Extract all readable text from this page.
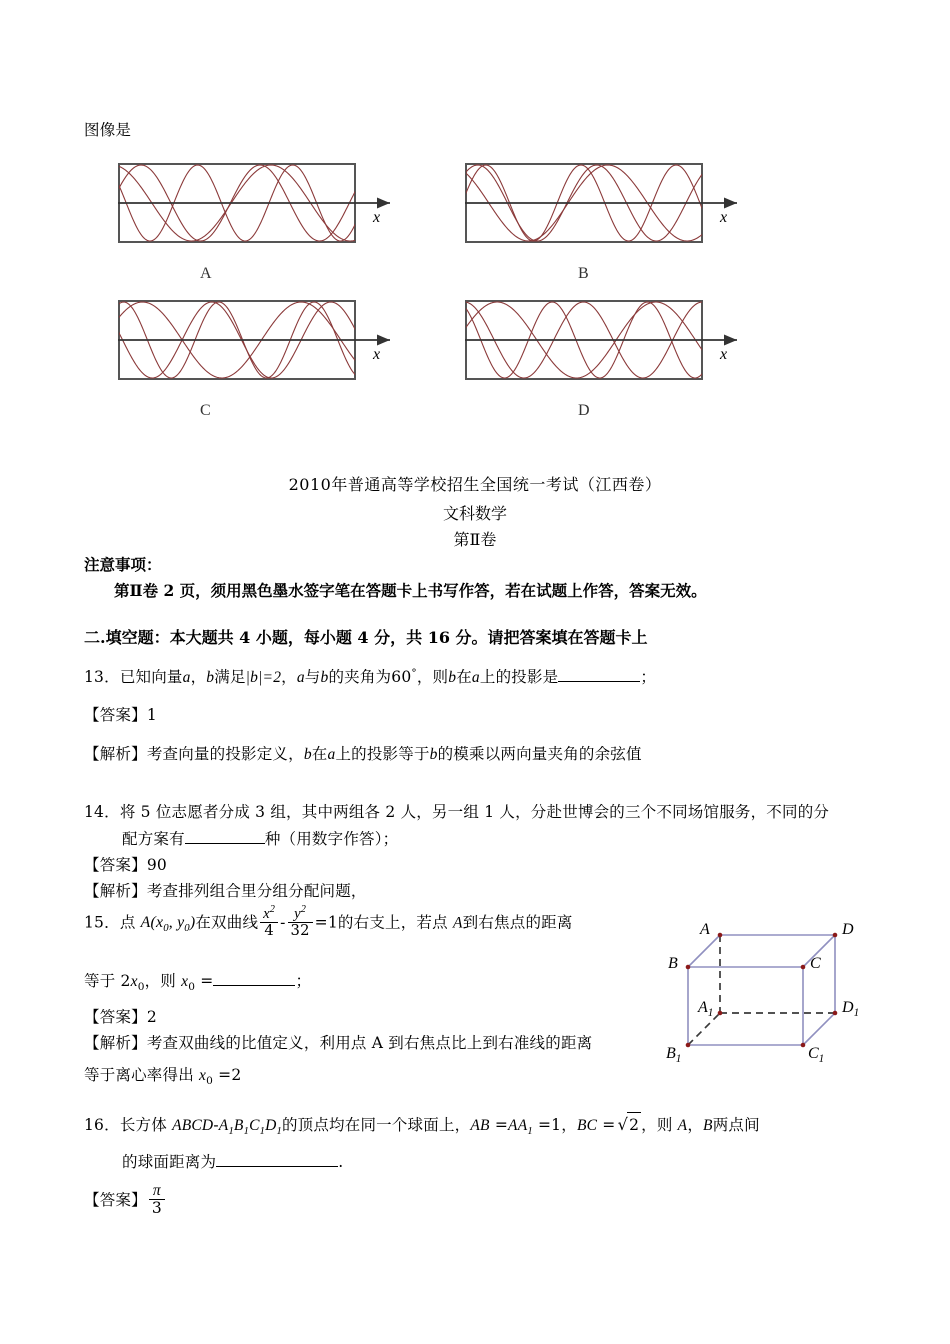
图像是
x
A
x
B
x
C
x
D
2010年普通高等学校招生全国统一考试（江西卷）
文科数学
第Ⅱ卷
注意事项：
第Ⅱ卷 2 页，须用黑色墨水签字笔在答题卡上书写作答，若在试题上作答，答案无效。
二.填空题：本大题共 4 小题，每小题 4 分，共 16 分。请把答案填在答题卡上
13．已知向量a，b满足|b|=2，a与b的夹角为60°，则b在a上的投影是	；
【答案】1
【解析】考查向量的投影定义，b在a上的投影等于b的模乘以两向量夹角的余弦值
14．将 5 位志愿者分成 3 组，其中两组各 2 人，另一组 1 人，分赴世博会的三个不同场馆服务，不同的分
配方案有	种（用数字作答）；
【答案】90
【解析】考查排列组合里分组分配问题，
15．点 $A(x_0$, $y_0$)在双曲线 $\frac{x^2}{4} - \frac{y^2}{32} =1$的右支上，若点 A到右焦点的距离
等于 $2x_0$，则 $x_0$ =	；
【答案】2
【解析】考查双曲线的比值定义，利用点 A 到右焦点比上到右准线的距离
等于离心率得出 $x_0 =2$
A	D
B	C
$A_1$	$D_1$
$B_1$	$C_1$
16．长方体 ABCD-$A_1B_1C_1D_1$的顶点均在同一个球面上，AB $=AA_1 =1$，BC = √2 ，则 A，B两点间
的球面距离为	.
【答案】 $\frac{\pi}{3}$
